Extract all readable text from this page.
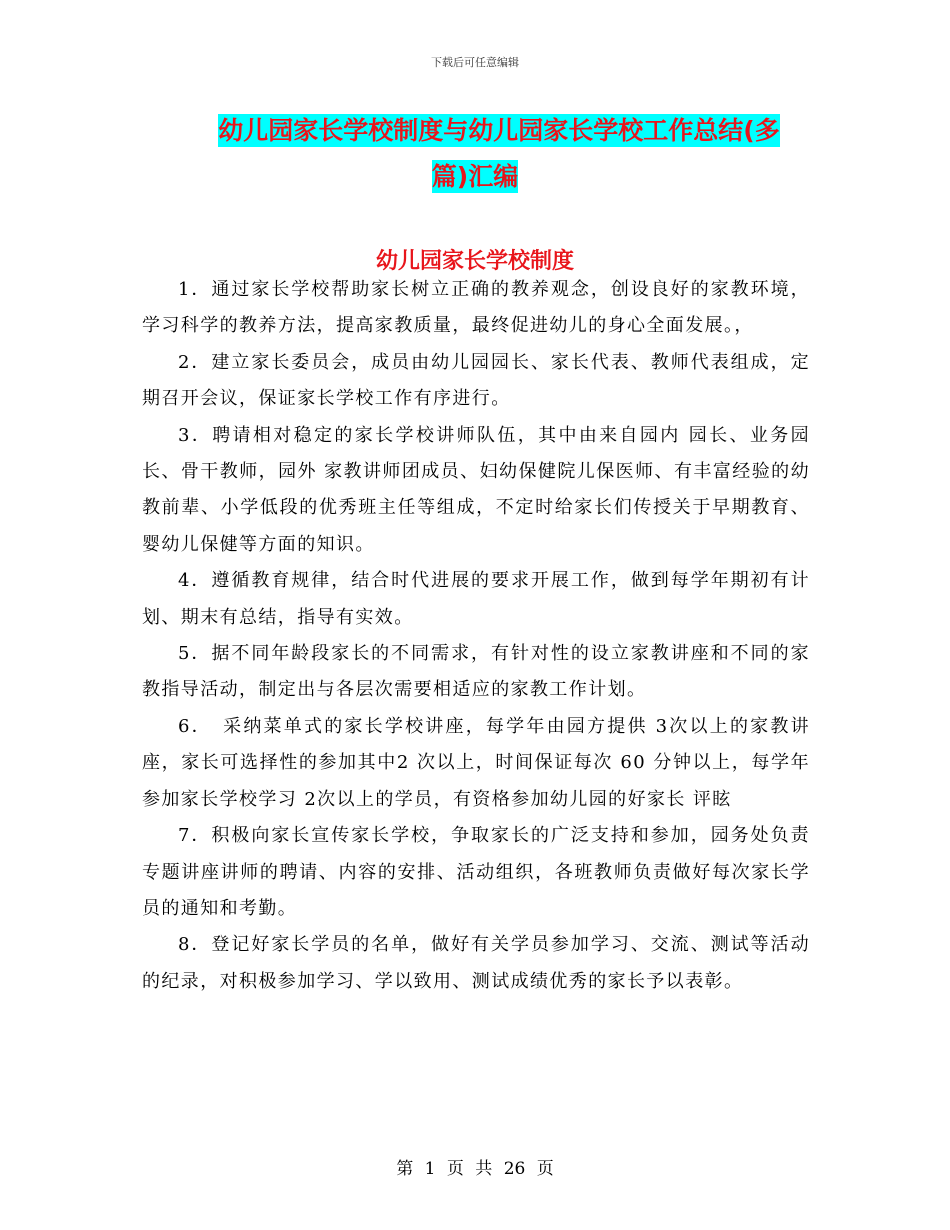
下载后可任意编辑
幼儿园家长学校制度与幼儿园家长学校工作总结(多
篇)汇编
幼儿园家长学校制度

1．通过家长学校帮助家长树立正确的教养观念，创设良好的家教环境，学习科学的教养方法，提高家教质量，最终促进幼儿的身心全面发展。，

2．建立家长委员会，成员由幼儿园园长、家长代表、教师代表组成，定期召开会议，保证家长学校工作有序进行。

3．聘请相对稳定的家长学校讲师队伍，其中由来自园内 园长、业务园长、骨干教师，园外 家教讲师团成员、妇幼保健院儿保医师、有丰富经验的幼教前辈、小学低段的优秀班主任等组成，不定时给家长们传授关于早期教育、婴幼儿保健等方面的知识。

4．遵循教育规律，结合时代进展的要求开展工作，做到每学年期初有计划、期末有总结，指导有实效。

5．据不同年龄段家长的不同需求，有针对性的设立家教讲座和不同的家教指导活动，制定出与各层次需要相适应的家教工作计划。

6．　采纳菜单式的家长学校讲座，每学年由园方提供 3次以上的家教讲座，家长可选择性的参加其中2 次以上，时间保证每次 60 分钟以上，每学年参加家长学校学习 2次以上的学员，有资格参加幼儿园的好家长 评眩

7．积极向家长宣传家长学校，争取家长的广泛支持和参加，园务处负责专题讲座讲师的聘请、内容的安排、活动组织，各班教师负责做好每次家长学员的通知和考勤。

8．登记好家长学员的名单，做好有关学员参加学习、交流、测试等活动的纪录，对积极参加学习、学以致用、测试成绩优秀的家长予以表彰。

第 1 页 共 26 页
